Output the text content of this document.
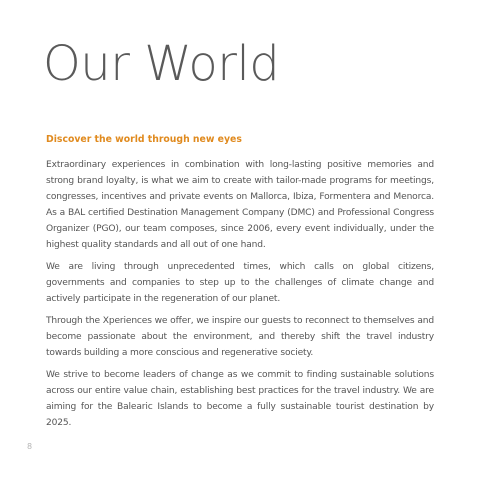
Our World

Discover the world through new eyes

Extraordinary experiences in combination with long-lasting positive memories and strong brand loyalty, is what we aim to create with tailor-made programs for meetings, congresses, incentives and private events on Mallorca, Ibiza, Formentera and Menorca. As a BAL certified Destination Management Company (DMC) and Professional Congress Organizer (PGO), our team composes, since 2006, every event individually, under the highest quality standards and all out of one hand.

We are living through unprecedented times, which calls on global citizens, governments and companies to step up to the challenges of climate change and actively participate in the regeneration of our planet.

Through the Xperiences we offer, we inspire our guests to reconnect to themselves and become passionate about the environment, and thereby shift the travel industry towards building a more conscious and regenerative society.

We strive to become leaders of change as we commit to finding sustainable solutions across our entire value chain, establishing best practices for the travel industry. We are aiming for the Balearic Islands to become a fully sustainable tourist destination by 2025.

8
